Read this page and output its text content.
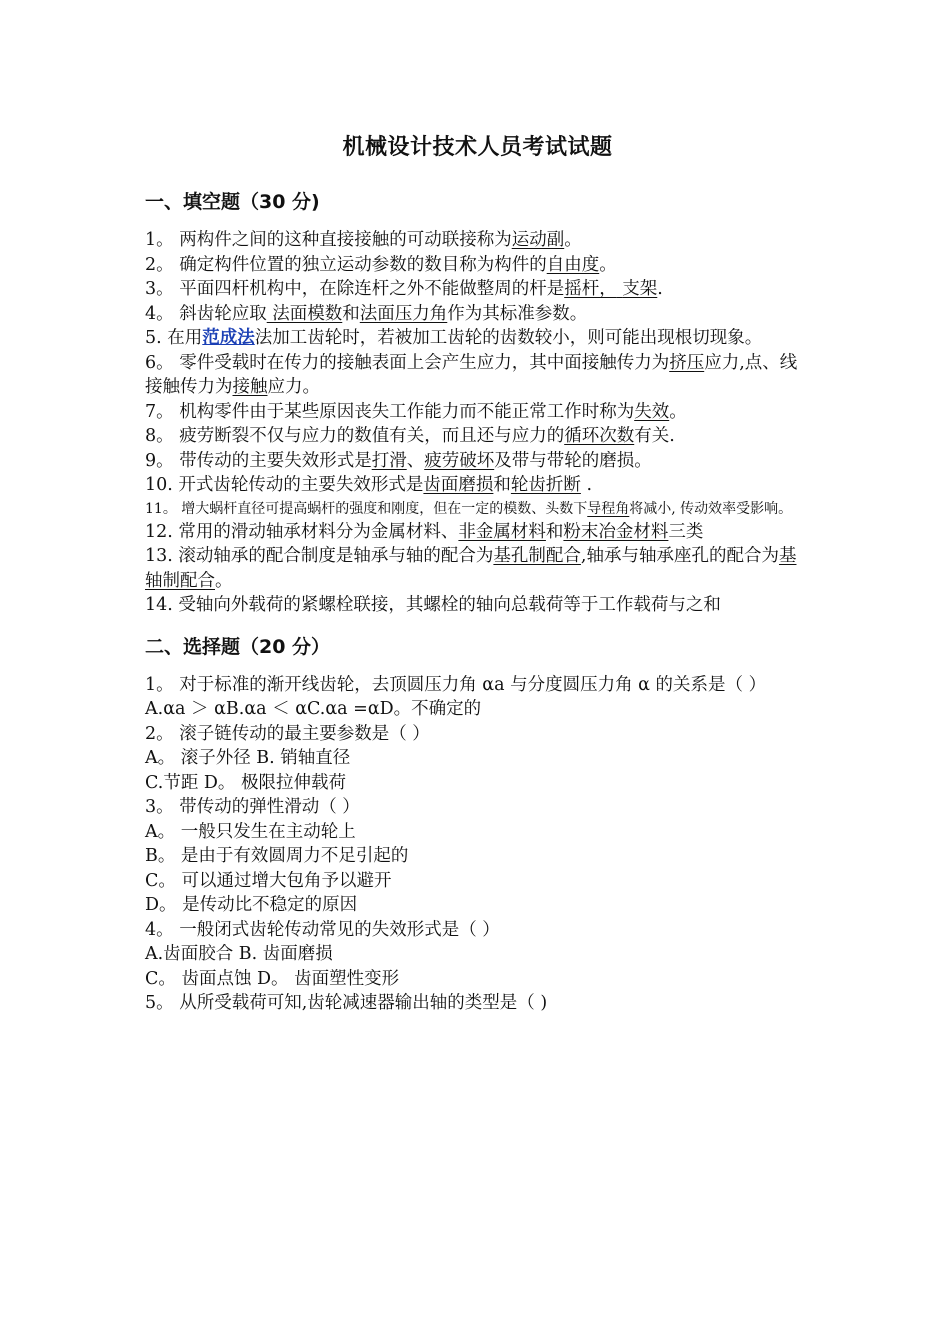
机械设计技术人员考试试题
一、填空题（30 分)

1。 两构件之间的这种直接接触的可动联接称为运动副。

2。 确定构件位置的独立运动参数的数目称为构件的自由度。

3。 平面四杆机构中，在除连杆之外不能做整周的杆是摇杆， 支架.

4。 斜齿轮应取 法面模数和法面压力角作为其标准参数。

5. 在用范成法法加工齿轮时，若被加工齿轮的齿数较小，则可能出现根切现象。

6。 零件受载时在传力的接触表面上会产生应力，其中面接触传力为挤压应力,点、线接触传力为接触应力。

7。 机构零件由于某些原因丧失工作能力而不能正常工作时称为失效。

8。 疲劳断裂不仅与应力的数值有关，而且还与应力的循环次数有关.

9。 带传动的主要失效形式是打滑、疲劳破坏及带与带轮的磨损。

10. 开式齿轮传动的主要失效形式是齿面磨损和轮齿折断 .

11。 增大蜗杆直径可提高蜗杆的强度和刚度，但在一定的模数、头数下导程角将减小, 传动效率受影响。

12. 常用的滑动轴承材料分为金属材料、非金属材料和粉末冶金材料三类

13. 滚动轴承的配合制度是轴承与轴的配合为基孔制配合,轴承与轴承座孔的配合为基轴制配合。

14. 受轴向外载荷的紧螺栓联接，其螺栓的轴向总载荷等于工作载荷与之和

二、选择题（20 分）

1。 对于标准的渐开线齿轮，去顶圆压力角 αa 与分度圆压力角 α 的关系是（ ）

A.αa ＞ αB.αa ＜ αC.αa =αD。不确定的

2。 滚子链传动的最主要参数是（ ）

A。 滚子外径 B. 销轴直径

C.节距 D。 极限拉伸载荷

3。 带传动的弹性滑动（ ）

A。 一般只发生在主动轮上

B。 是由于有效圆周力不足引起的

C。 可以通过增大包角予以避开

D。 是传动比不稳定的原因

4。 一般闭式齿轮传动常见的失效形式是（ ）

A.齿面胶合 B. 齿面磨损

C。 齿面点蚀 D。 齿面塑性变形

5。 从所受载荷可知,齿轮减速器输出轴的类型是（ )
